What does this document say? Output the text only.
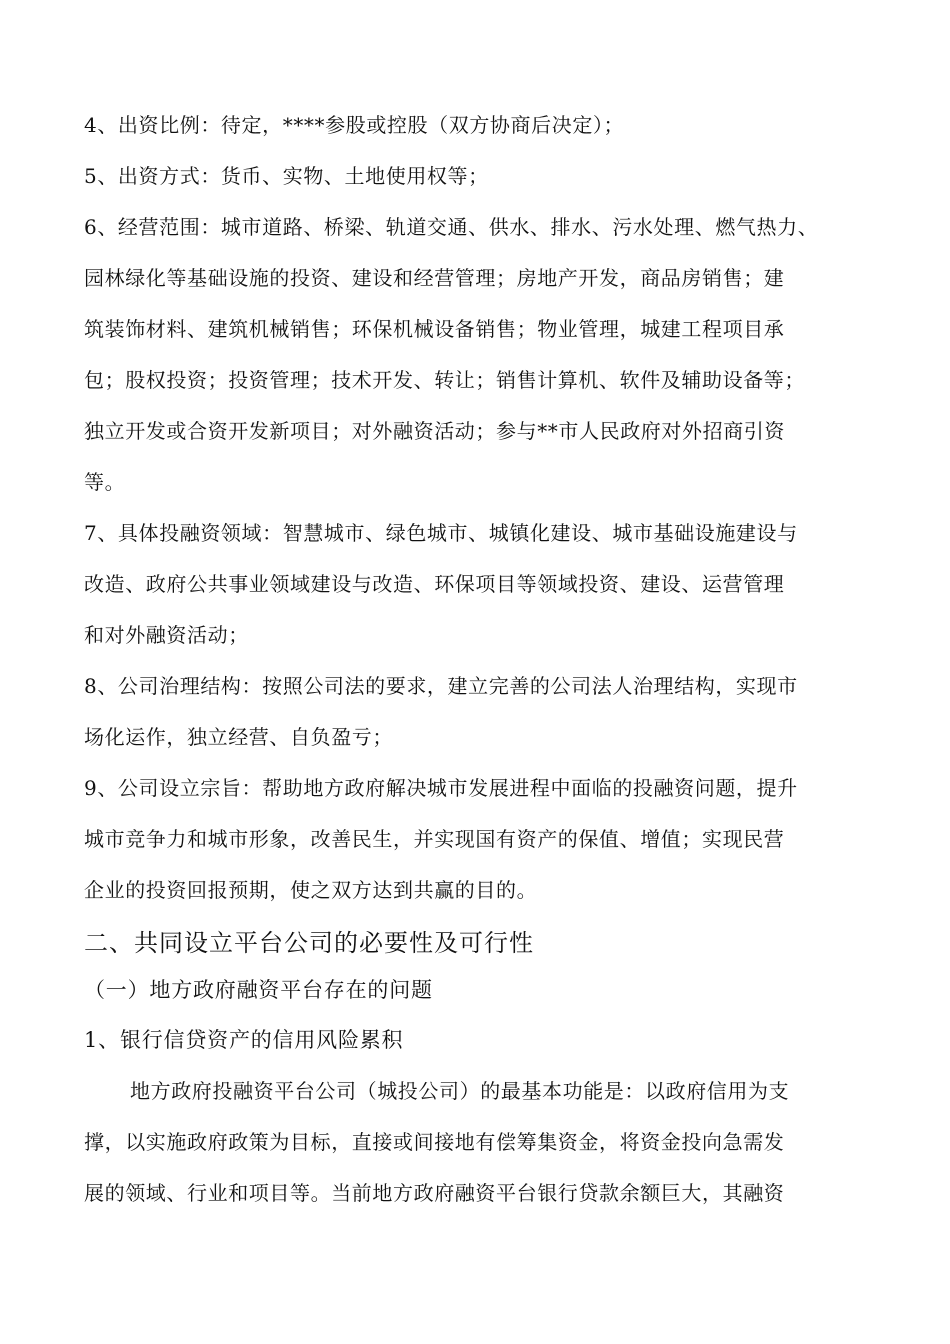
4、出资比例：待定，****参股或控股（双方协商后决定）；
5、出资方式：货币、实物、土地使用权等；
6、经营范围：城市道路、桥梁、轨道交通、供水、排水、污水处理、燃气热力、
园林绿化等基础设施的投资、建设和经营管理；房地产开发，商品房销售；建
筑装饰材料、建筑机械销售；环保机械设备销售；物业管理，城建工程项目承
包；股权投资；投资管理；技术开发、转让；销售计算机、软件及辅助设备等；
独立开发或合资开发新项目；对外融资活动；参与**市人民政府对外招商引资
等。
7、具体投融资领域：智慧城市、绿色城市、城镇化建设、城市基础设施建设与
改造、政府公共事业领域建设与改造、环保项目等领域投资、建设、运营管理
和对外融资活动；
8、公司治理结构：按照公司法的要求，建立完善的公司法人治理结构，实现市
场化运作，独立经营、自负盈亏；
9、公司设立宗旨：帮助地方政府解决城市发展进程中面临的投融资问题，提升
城市竞争力和城市形象，改善民生，并实现国有资产的保值、增值；实现民营
企业的投资回报预期，使之双方达到共赢的目的。
二、共同设立平台公司的必要性及可行性
（一）地方政府融资平台存在的问题
1、银行信贷资产的信用风险累积
地方政府投融资平台公司（城投公司）的最基本功能是：以政府信用为支
撑，以实施政府政策为目标，直接或间接地有偿筹集资金，将资金投向急需发
展的领域、行业和项目等。当前地方政府融资平台银行贷款余额巨大，其融资
